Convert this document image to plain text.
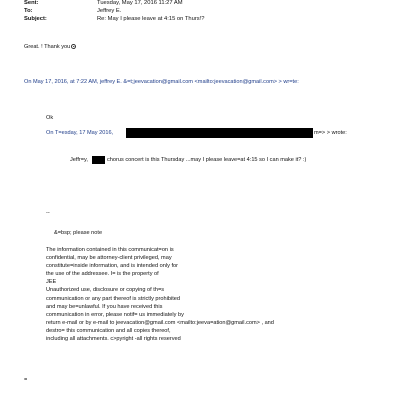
Sent:	Tuesday, May 17, 2016 11:27 AM
To:	Jeffrey E.
Subject:	Re: May I please leave at 4:15 on Thurs!?
Great. ! Thank you
On May 17, 2016, at 7:22 AM, jeffrey E. &=t;jeevacation@gmail.com <mailto:jeevacation@gmail.com> > wr=te:
Ok
On T=esday, 17 May 2016,	m=> > wrote:
Jeffr=y,	chorus concert is this Thursday ...may I please leave=at 4:15 so I can make it? :)
--
&=bsp; please note
The information contained in this communicat=on is
confidential, may be attorney-client privileged, may
constitute=inside information, and is intended only for
the use of the addressee. I= is the property of
JEE
Unauthorized use, disclosure or copying of th=s
communication or any part thereof is strictly prohibited
and may be=unlawful. If you have received this
communication in error, please notif= us immediately by
return e-mail or by e-mail to jeevacation@gmail.com <mailto:jeeva=ation@gmail.com> , and
destro= this communication and all copies thereof,
including all attachments. c>pyright -all rights reserved
=
